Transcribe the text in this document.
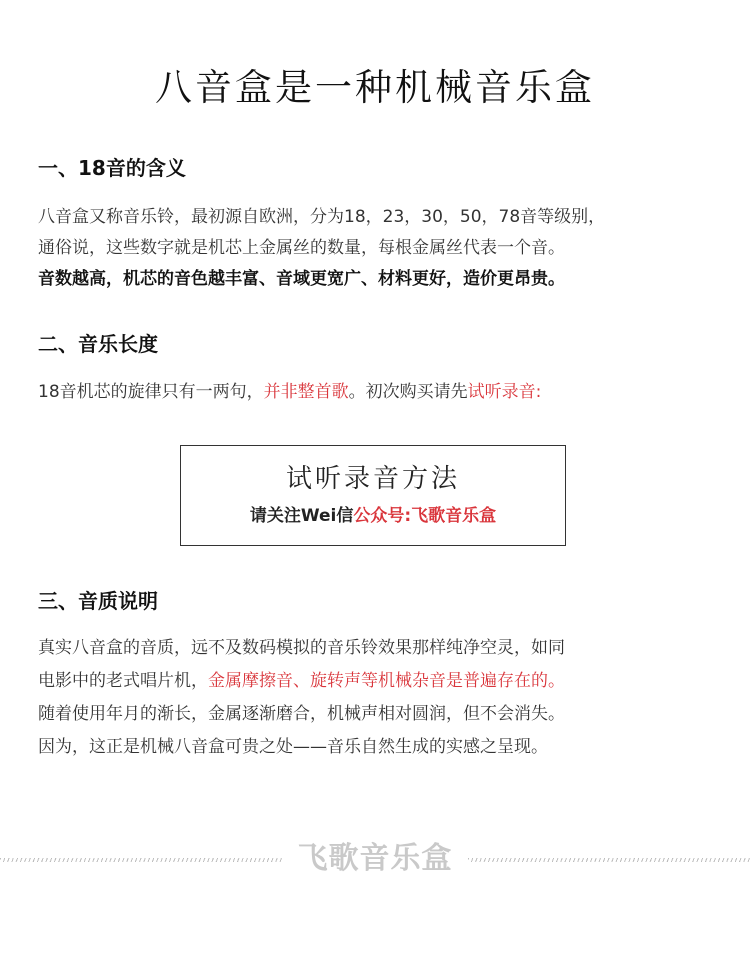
八音盒是一种机械音乐盒
一、18音的含义
八音盒又称音乐铃，最初源自欧洲，分为18，23，30，50，78音等级别，
通俗说，这些数字就是机芯上金属丝的数量，每根金属丝代表一个音。
音数越高，机芯的音色越丰富、音域更宽广、材料更好，造价更昂贵。
二、音乐长度
18音机芯的旋律只有一两句，并非整首歌。初次购买请先试听录音:
试听录音方法
请关注Wei信公众号:飞歌音乐盒
三、音质说明
真实八音盒的音质，远不及数码模拟的音乐铃效果那样纯净空灵，如同
电影中的老式唱片机，金属摩擦音、旋转声等机械杂音是普遍存在的。
随着使用年月的渐长，金属逐渐磨合，机械声相对圆润，但不会消失。
因为，这正是机械八音盒可贵之处——音乐自然生成的实感之呈现。
飞歌音乐盒
